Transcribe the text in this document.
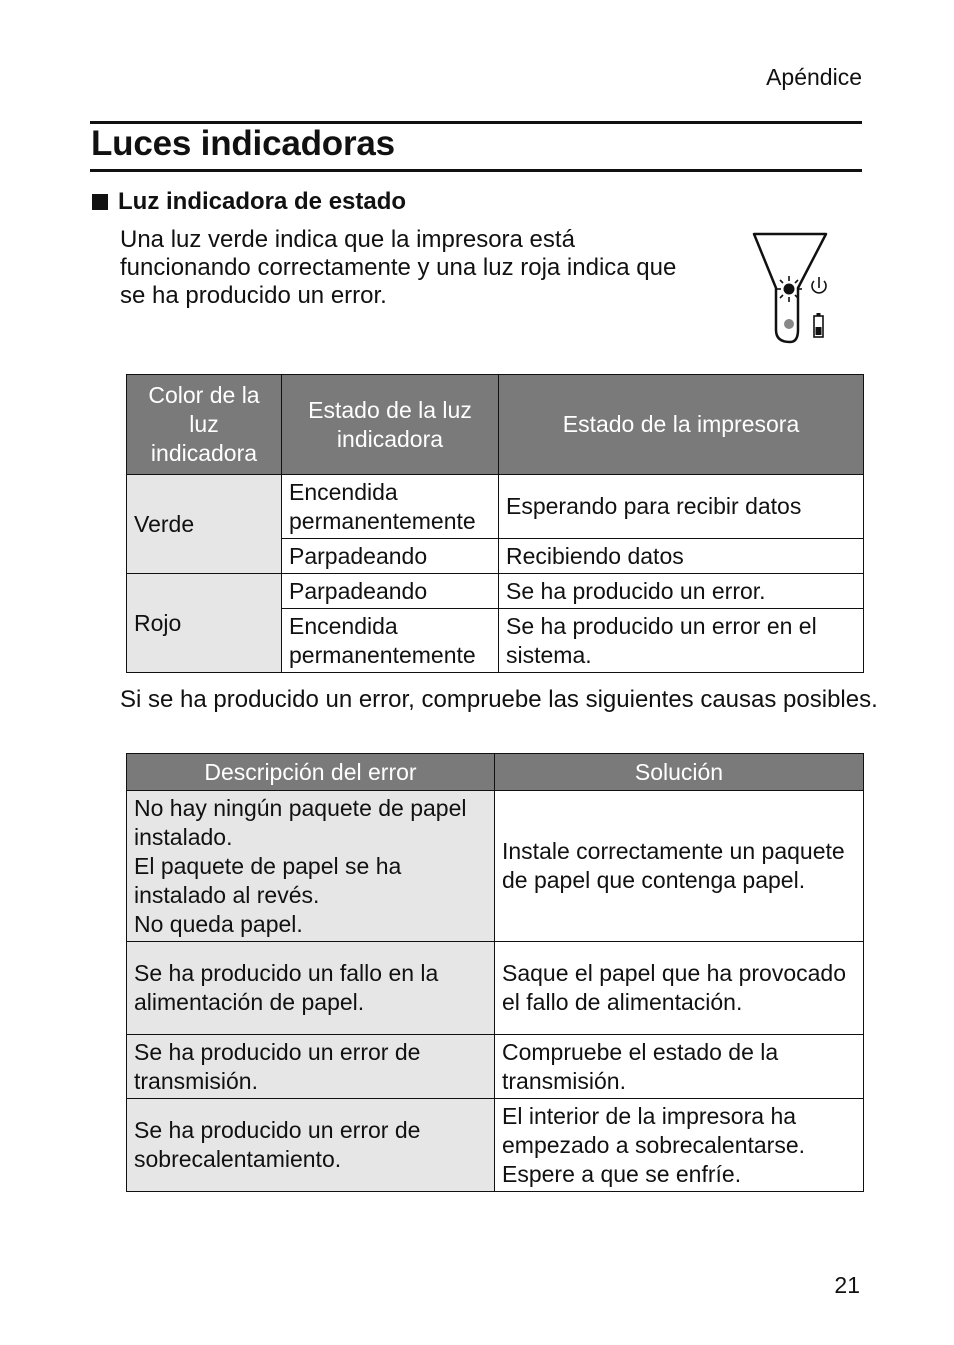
Apéndice
Luces indicadoras
Luz indicadora de estado
Una luz verde indica que la impresora está funcionando correctamente y una luz roja indica que se ha producido un error.
Color de la luz indicadora	Estado de la luz indicadora	Estado de la impresora
Verde	Encendida permanentemente	Esperando para recibir datos
	Parpadeando	Recibiendo datos
Rojo	Parpadeando	Se ha producido un error.
	Encendida permanentemente	Se ha producido un error en el sistema.
Si se ha producido un error, compruebe las siguientes causas posibles.
Descripción del error	Solución

No hay ningún paquete de papel instalado.
El paquete de papel se ha instalado al revés.
No queda papel.	Instale correctamente un paquete de papel que contenga papel.
Se ha producido un fallo en la alimentación de papel.	Saque el papel que ha provocado el fallo de alimentación.
Se ha producido un error de transmisión.	Compruebe el estado de la transmisión.
Se ha producido un error de sobrecalentamiento.	El interior de la impresora ha empezado a sobrecalentarse. Espere a que se enfríe.
21
